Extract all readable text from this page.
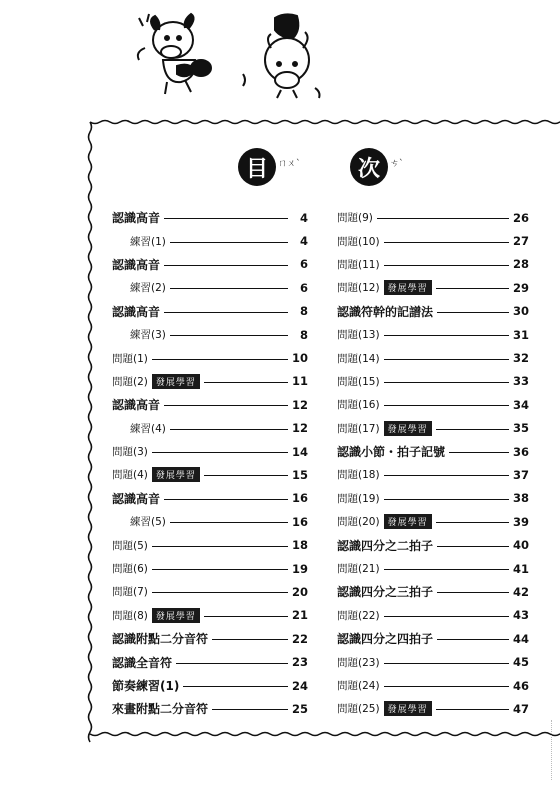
目	ㄇㄨˋ	次	ㄘˋ
認識高音	4
練習(1)	4
認識高音	6
練習(2)	6
認識高音	8
練習(3)	8
問題(1)	10
問題(2) 發展學習	11
認識高音	12
練習(4)	12
問題(3)	14
問題(4) 發展學習	15
認識高音	16
練習(5)	16
問題(5)	18
問題(6)	19
問題(7)	20
問題(8) 發展學習	21
認識附點二分音符	22
認識全音符	23
節奏練習(1)	24
來畫附點二分音符	25
問題(9)	26
問題(10)	27
問題(11)	28
問題(12) 發展學習	29
認識符幹的記譜法	30
問題(13)	31
問題(14)	32
問題(15)	33
問題(16)	34
問題(17) 發展學習	35
認識小節・拍子記號	36
問題(18)	37
問題(19)	38
問題(20) 發展學習	39
認識四分之二拍子	40
問題(21)	41
認識四分之三拍子	42
問題(22)	43
認識四分之四拍子	44
問題(23)	45
問題(24)	46
問題(25) 發展學習	47
